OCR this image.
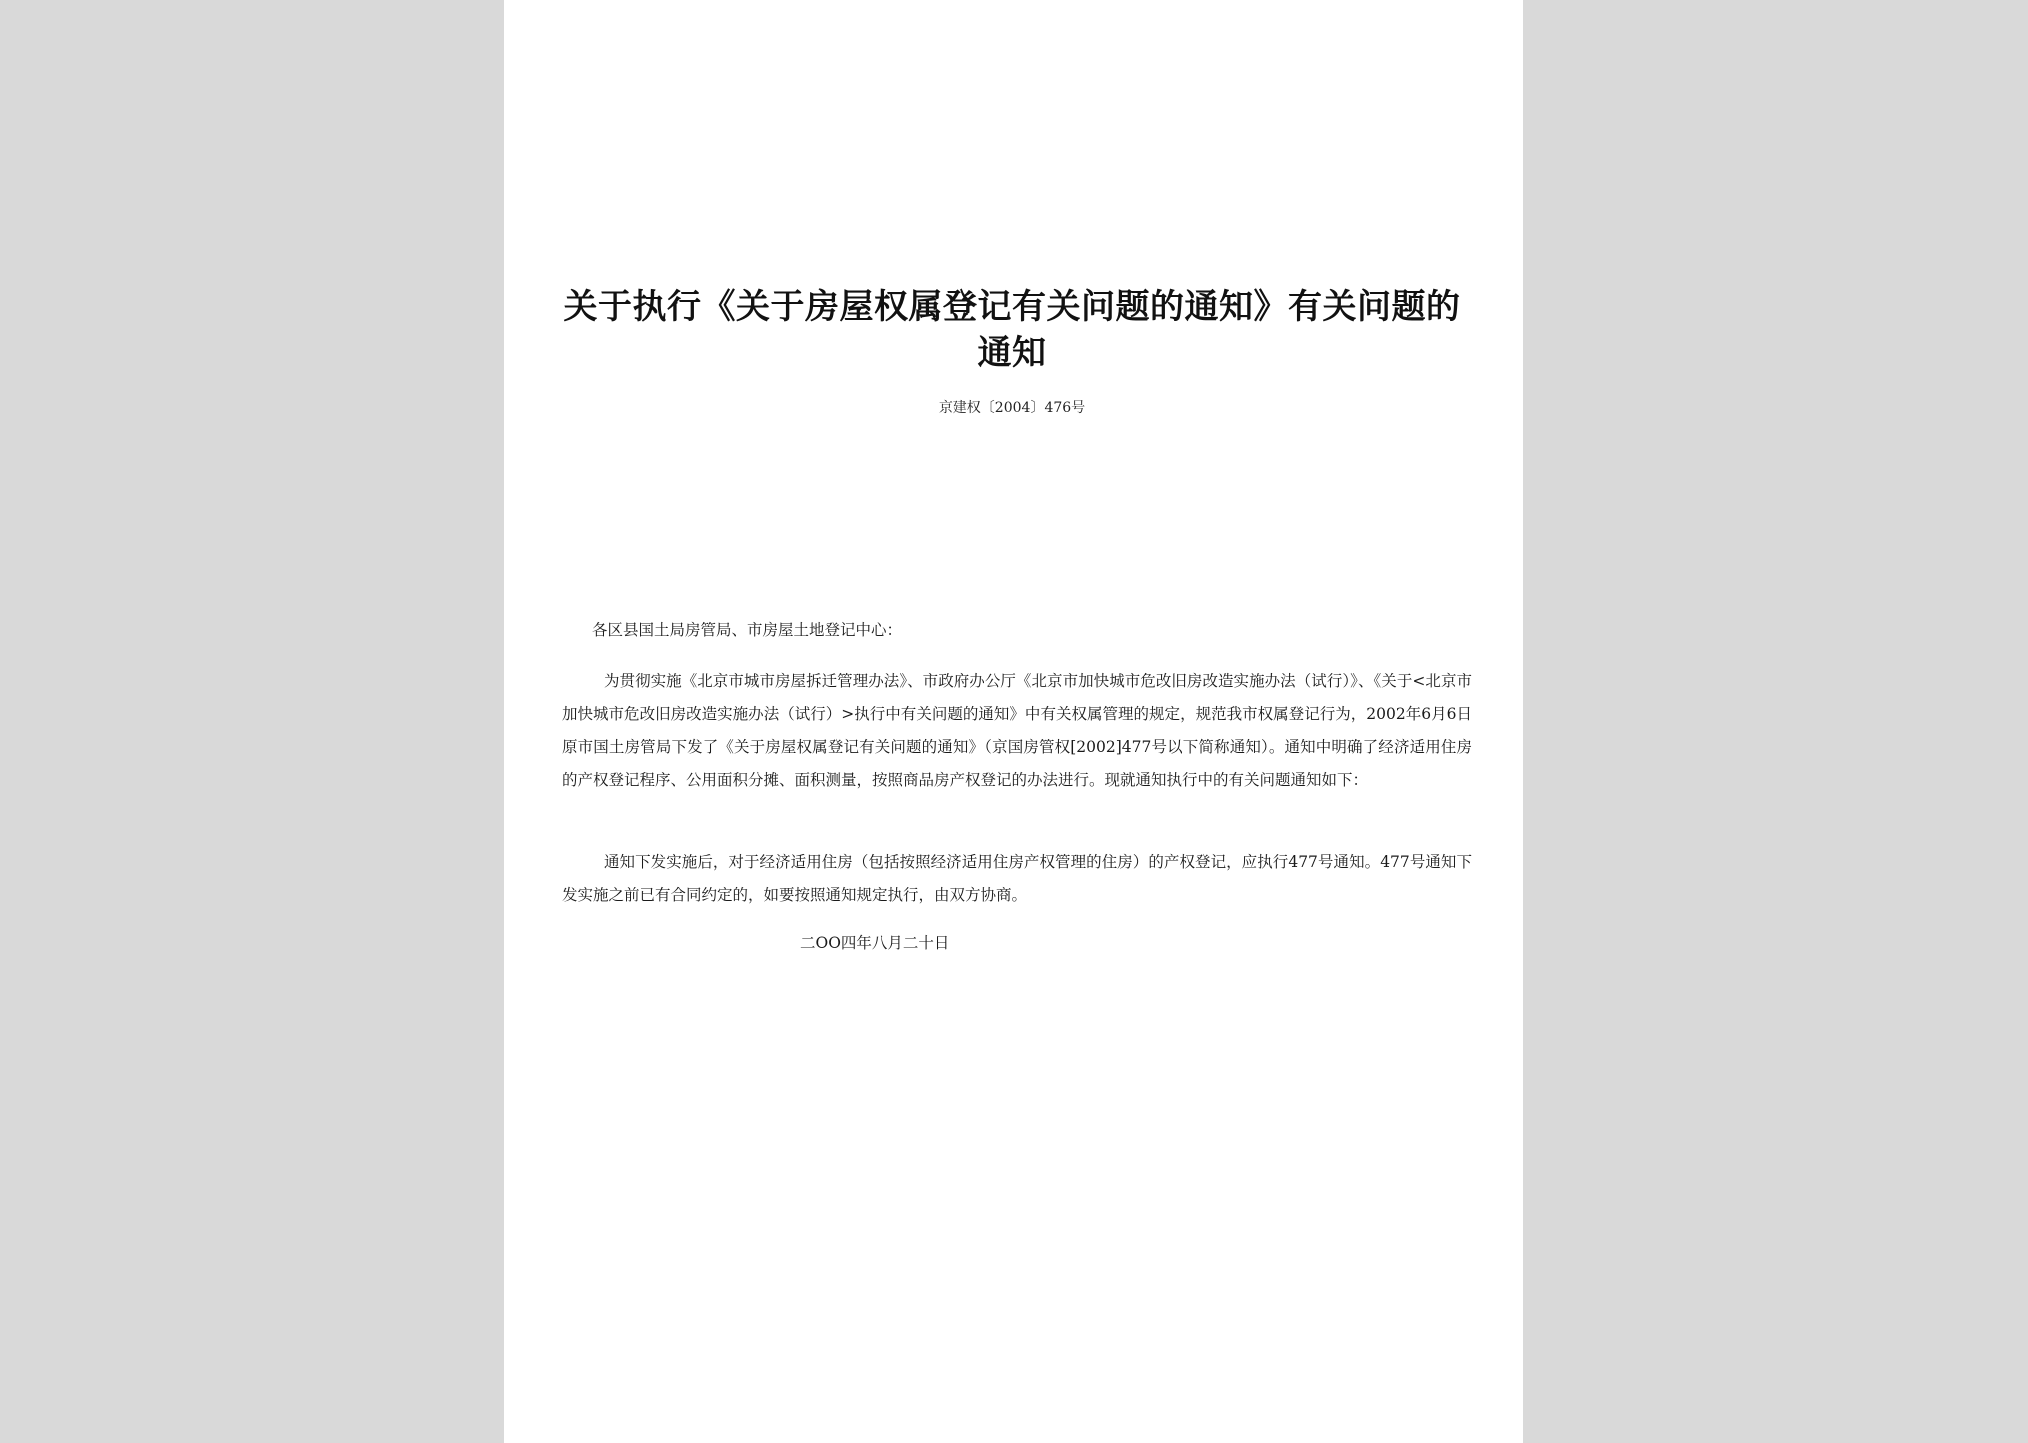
关于执行《关于房屋权属登记有关问题的通知》有关问题的通知
京建权〔2004〕476号
各区县国土局房管局、市房屋土地登记中心：
为贯彻实施《北京市城市房屋拆迁管理办法》、市政府办公厅《北京市加快城市危改旧房改造实施办法（试行）》、《关于<北京市加快城市危改旧房改造实施办法（试行）>执行中有关问题的通知》中有关权属管理的规定，规范我市权属登记行为，2002年6月6日原市国土房管局下发了《关于房屋权属登记有关问题的通知》（京国房管权[2002]477号以下简称通知）。通知中明确了经济适用住房的产权登记程序、公用面积分摊、面积测量，按照商品房产权登记的办法进行。现就通知执行中的有关问题通知如下：
通知下发实施后，对于经济适用住房（包括按照经济适用住房产权管理的住房）的产权登记，应执行477号通知。477号通知下发实施之前已有合同约定的，如要按照通知规定执行，由双方协商。
二OO四年八月二十日
